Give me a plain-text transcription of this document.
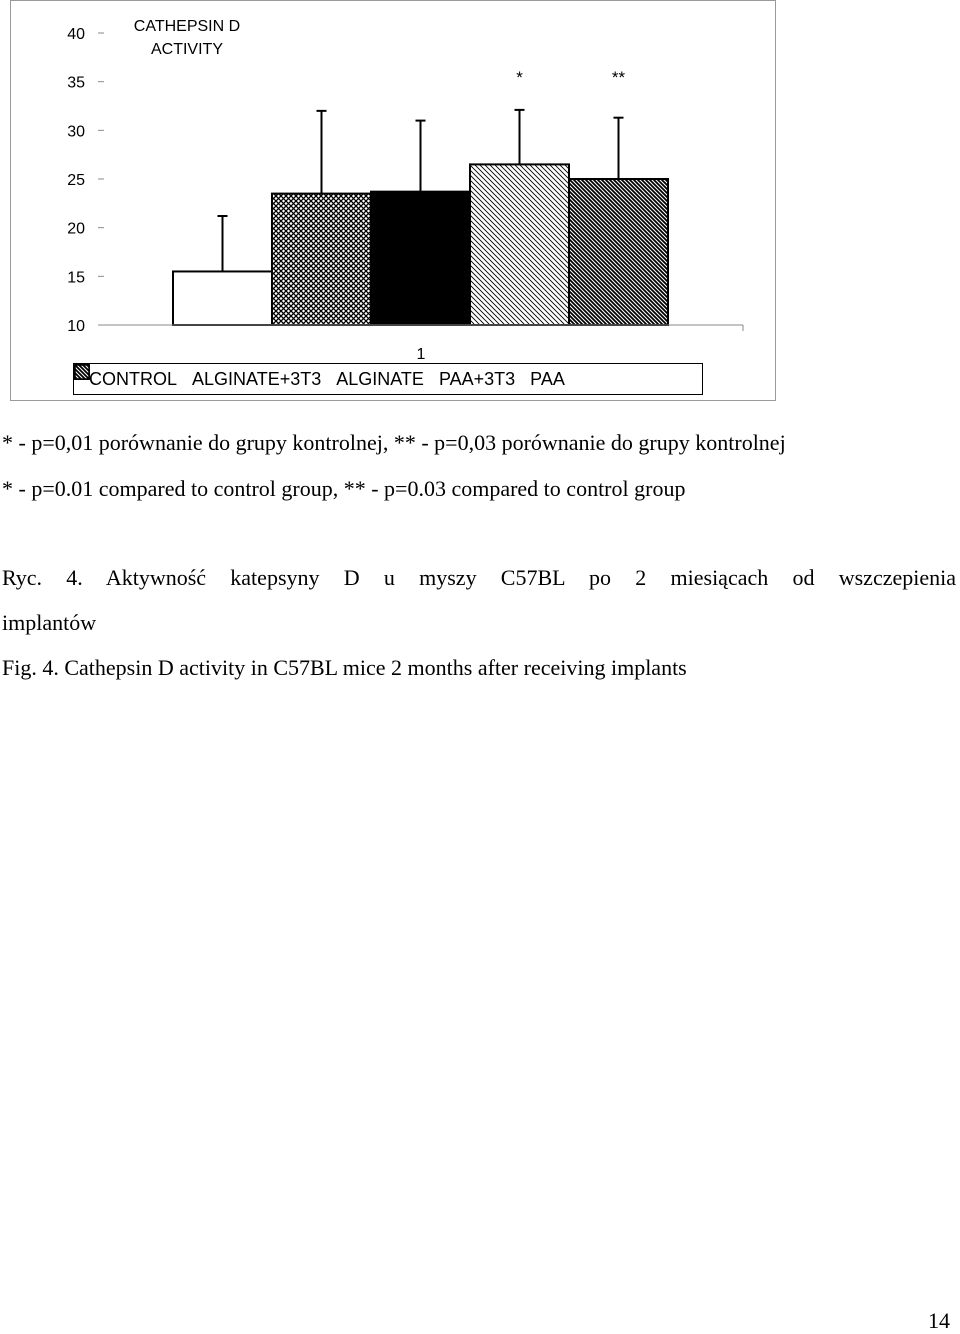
CATHEPSIN D
ACTIVITY
40
35
30
25
20
15
10
*	**
1
CONTROL ALGINATE+3T3 ALGINATE PAA+3T3 PAA
* - p=0,01 porównanie do grupy kontrolnej, ** - p=0,03 porównanie do grupy kontrolnej
* - p=0.01 compared to control group, ** - p=0.03 compared to control group
Ryc. 4. Aktywność katepsyny D u myszy C57BL po 2 miesiącach od wszczepienia
implantów
Fig. 4. Cathepsin D activity in C57BL mice 2 months after receiving implants
14
